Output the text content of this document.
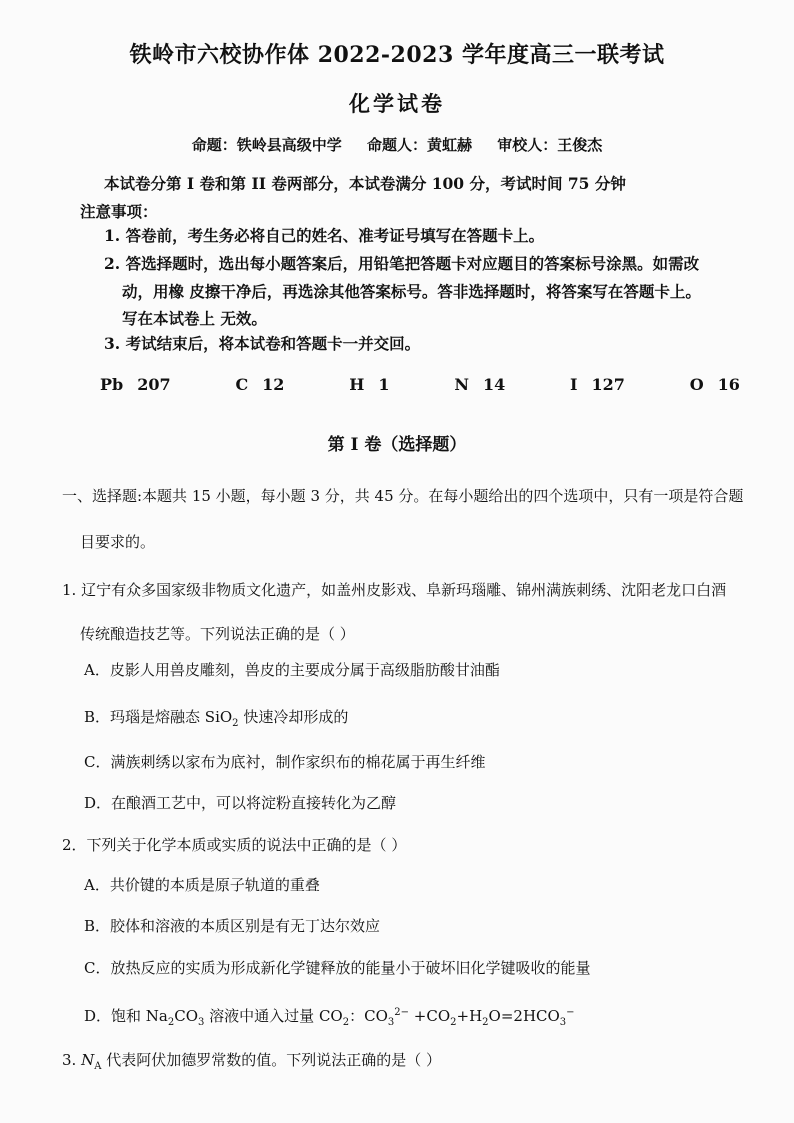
铁岭市六校协作体 2022-2023 学年度高三一联考试
化学试卷
命题：铁岭县高级中学 命题人：黄虹赫 审校人：王俊杰
本试卷分第 I 卷和第 II 卷两部分，本试卷满分 100 分，考试时间 75 分钟
注意事项：
1. 答卷前，考生务必将自己的姓名、准考证号填写在答题卡上。
2. 答选择题时，选出每小题答案后，用铅笔把答题卡对应题目的答案标号涂黑。如需改
动，用橡 皮擦干净后，再选涂其他答案标号。答非选择题时，将答案写在答题卡上。
写在本试卷上 无效。
3. 考试结束后，将本试卷和答题卡一并交回。
Pb 207	C 12	H 1	N 14	I 127	O 16
第 I 卷（选择题）
一、选择题:本题共 15 小题，每小题 3 分，共 45 分。在每小题给出的四个选项中，只有一项是符合题
目要求的。
1. 辽宁有众多国家级非物质文化遗产，如盖州皮影戏、阜新玛瑙雕、锦州满族刺绣、沈阳老龙口白酒
传统酿造技艺等。下列说法正确的是（ ）
A．皮影人用兽皮雕刻，兽皮的主要成分属于高级脂肪酸甘油酯
B．玛瑙是熔融态 SiO$_2$ 快速冷却形成的
C．满族刺绣以家布为底衬，制作家织布的棉花属于再生纤维
D．在酿酒工艺中，可以将淀粉直接转化为乙醇
2．下列关于化学本质或实质的说法中正确的是（ ）
A．共价键的本质是原子轨道的重叠
B．胶体和溶液的本质区别是有无丁达尔效应
C．放热反应的实质为形成新化学键释放的能量小于破坏旧化学键吸收的能量
D．饱和 $Na_2CO_3$ 溶液中通入过量 $CO_2$：$CO_3^{2-} +CO_2+H_2O=2HCO_3^-$
3. $N_A$ 代表阿伏加德罗常数的值。下列说法正确的是（ ）
